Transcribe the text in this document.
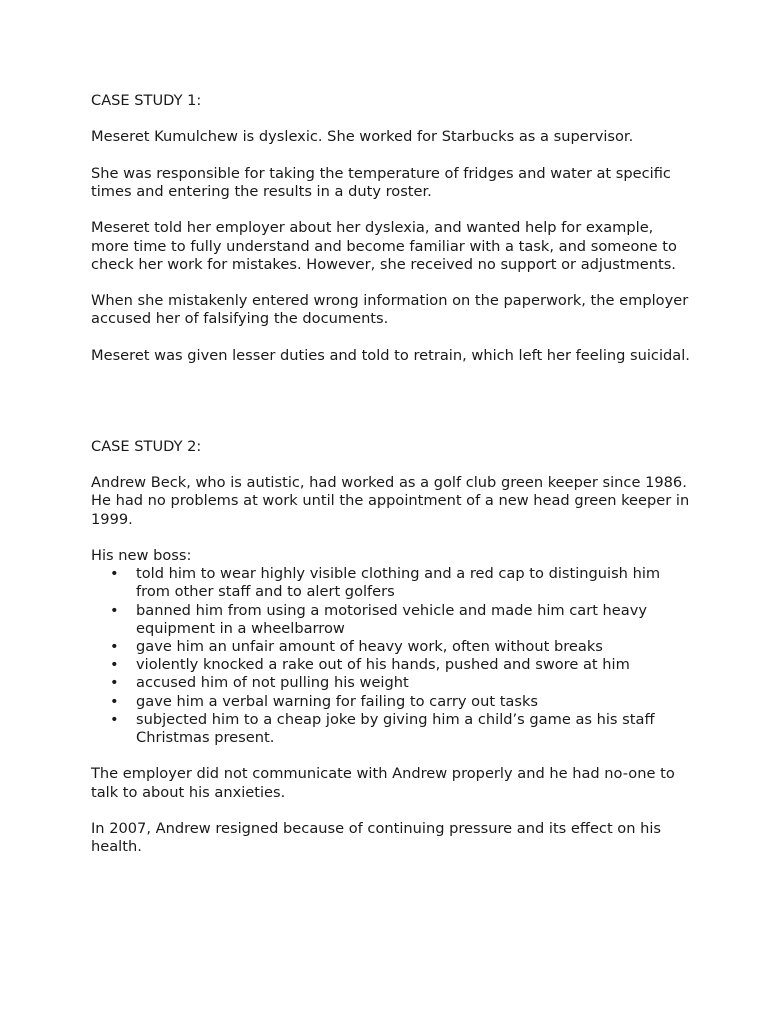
CASE STUDY 1:

Meseret Kumulchew is dyslexic. She worked for Starbucks as a supervisor.

She was responsible for taking the temperature of fridges and water at specific times and entering the results in a duty roster.

Meseret told her employer about her dyslexia, and wanted help for example, more time to fully understand and become familiar with a task, and someone to check her work for mistakes. However, she received no support or adjustments.

When she mistakenly entered wrong information on the paperwork, the employer accused her of falsifying the documents.

Meseret was given lesser duties and told to retrain, which left her feeling suicidal.

CASE STUDY 2:

Andrew Beck, who is autistic, had worked as a golf club green keeper since 1986. He had no problems at work until the appointment of a new head green keeper in 1999.

His new boss:

• told him to wear highly visible clothing and a red cap to distinguish him from other staff and to alert golfers
• banned him from using a motorised vehicle and made him cart heavy equipment in a wheelbarrow
• gave him an unfair amount of heavy work, often without breaks
• violently knocked a rake out of his hands, pushed and swore at him
• accused him of not pulling his weight
• gave him a verbal warning for failing to carry out tasks
• subjected him to a cheap joke by giving him a child’s game as his staff Christmas present.

The employer did not communicate with Andrew properly and he had no-one to talk to about his anxieties.

In 2007, Andrew resigned because of continuing pressure and its effect on his health.
